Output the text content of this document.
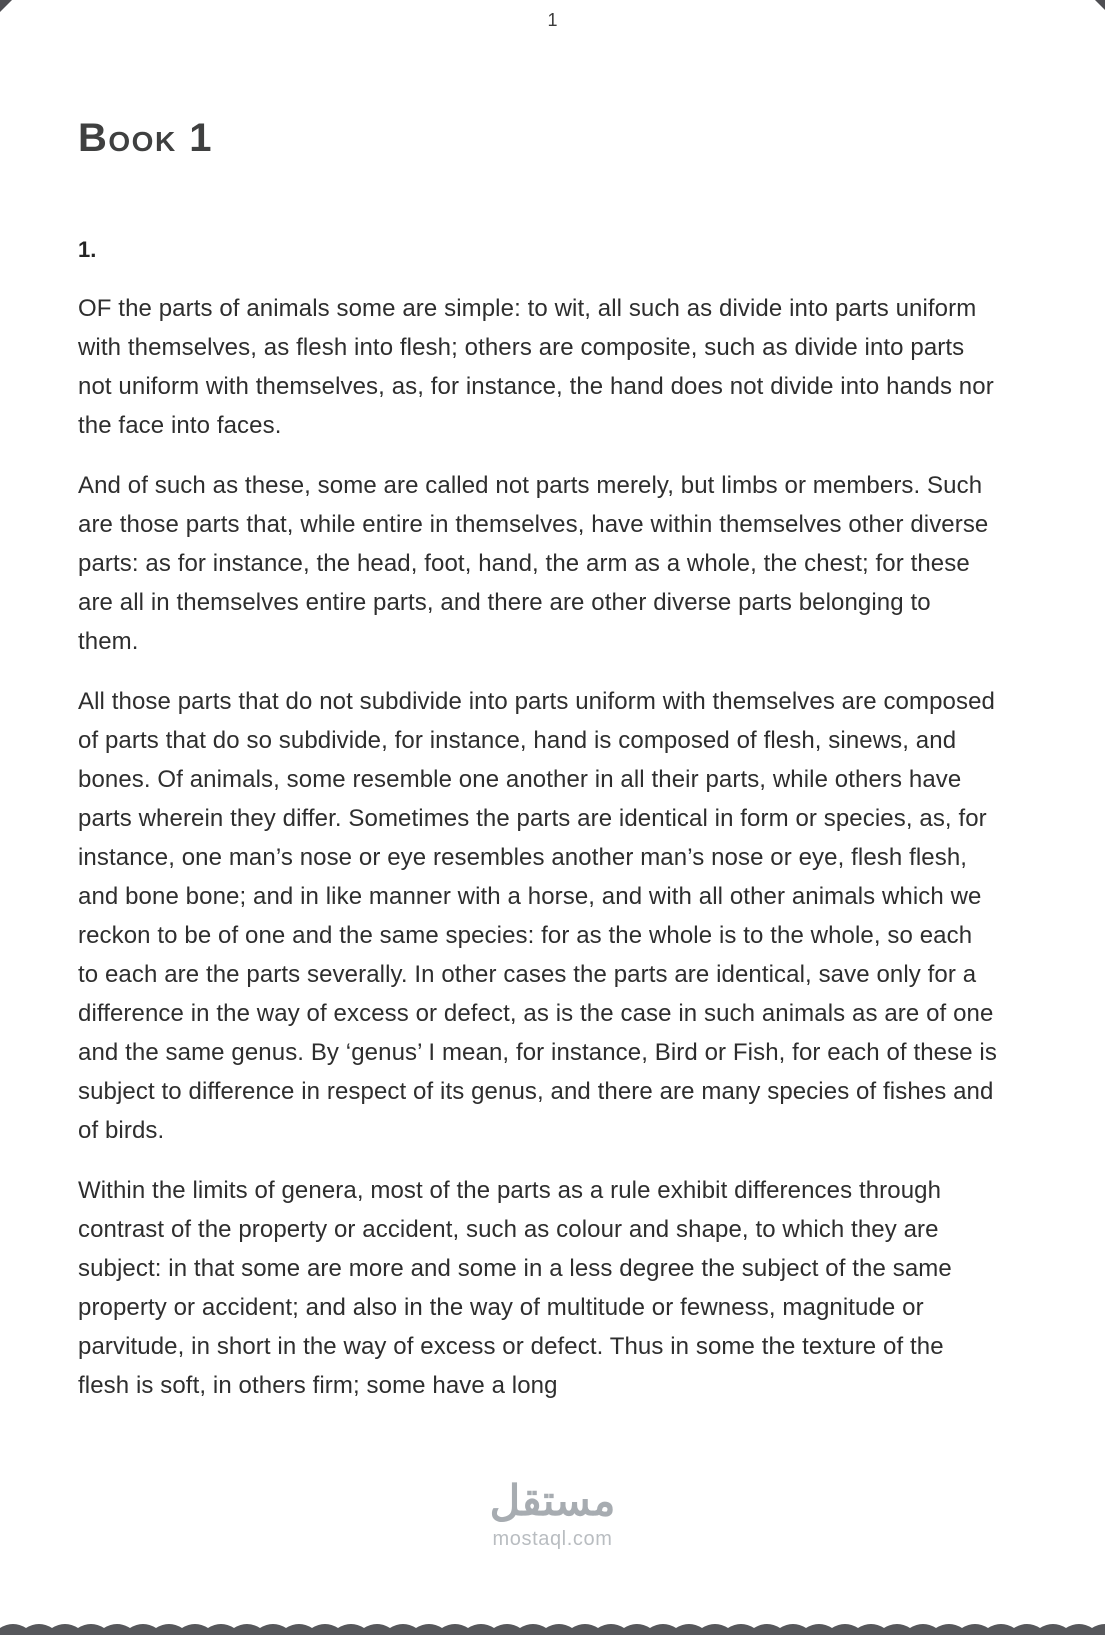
1
Book 1
1.

OF the parts of animals some are simple: to wit, all such as divide into parts uniform with themselves, as flesh into flesh; others are composite, such as divide into parts not uniform with themselves, as, for instance, the hand does not divide into hands nor the face into faces.

And of such as these, some are called not parts merely, but limbs or members. Such are those parts that, while entire in themselves, have within themselves other diverse parts: as for instance, the head, foot, hand, the arm as a whole, the chest; for these are all in themselves entire parts, and there are other diverse parts belonging to them.

All those parts that do not subdivide into parts uniform with themselves are composed of parts that do so subdivide, for instance, hand is composed of flesh, sinews, and bones. Of animals, some resemble one another in all their parts, while others have parts wherein they differ. Sometimes the parts are identical in form or species, as, for instance, one man’s nose or eye resembles another man’s nose or eye, flesh flesh, and bone bone; and in like manner with a horse, and with all other animals which we reckon to be of one and the same species: for as the whole is to the whole, so each to each are the parts severally. In other cases the parts are identical, save only for a difference in the way of excess or defect, as is the case in such animals as are of one and the same genus. By ‘genus’ I mean, for instance, Bird or Fish, for each of these is subject to difference in respect of its genus, and there are many species of fishes and of birds.

Within the limits of genera, most of the parts as a rule exhibit differences through contrast of the property or accident, such as colour and shape, to which they are subject: in that some are more and some in a less degree the subject of the same property or accident; and also in the way of multitude or fewness, magnitude or parvitude, in short in the way of excess or defect. Thus in some the texture of the flesh is soft, in others firm; some have a long

مستقل
mostaql.com
